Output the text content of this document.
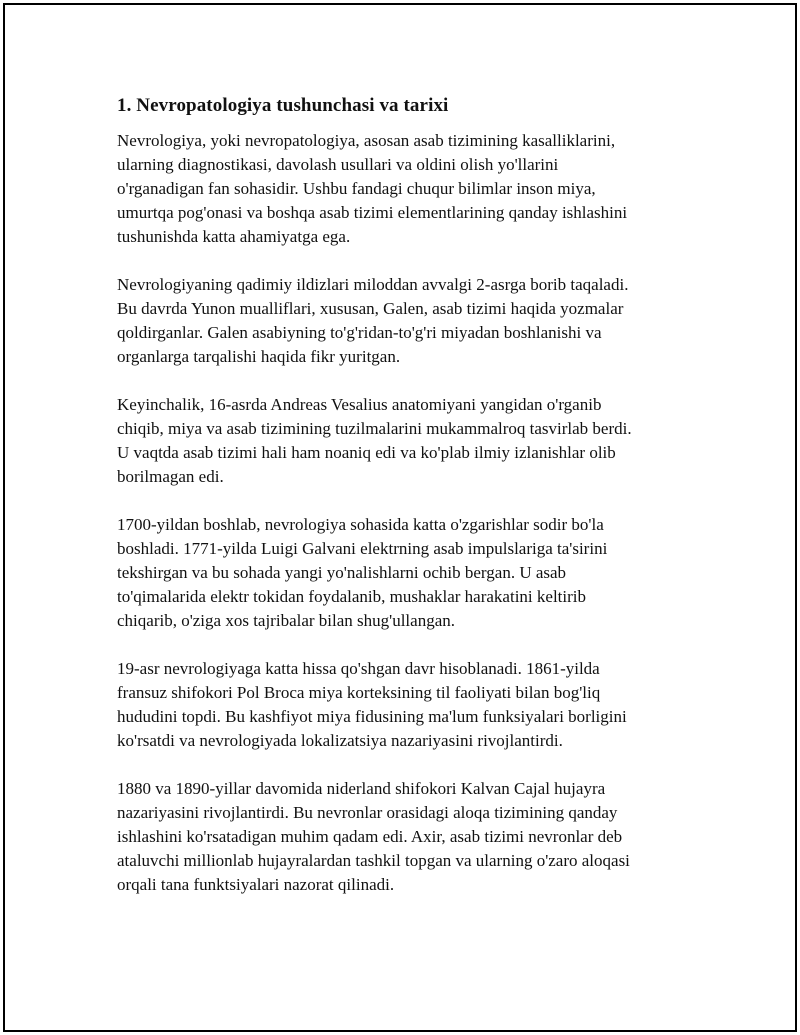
1. Nevropatologiya tushunchasi va tarixi

Nevrologiya, yoki nevropatologiya, asosan asab tizimining kasalliklarini,
ularning diagnostikasi, davolash usullari va oldini olish yo'llarini
o'rganadigan fan sohasidir. Ushbu fandagi chuqur bilimlar inson miya,
umurtqa pog'onasi va boshqa asab tizimi elementlarining qanday ishlashini
tushunishda katta ahamiyatga ega.

Nevrologiyaning qadimiy ildizlari miloddan avvalgi 2-asrga borib taqaladi.
Bu davrda Yunon mualliflari, xususan, Galen, asab tizimi haqida yozmalar
qoldirganlar. Galen asabiyning to'g'ridan-to'g'ri miyadan boshlanishi va
organlarga tarqalishi haqida fikr yuritgan.

Keyinchalik, 16-asrda Andreas Vesalius anatomiyani yangidan o'rganib
chiqib, miya va asab tizimining tuzilmalarini mukammalroq tasvirlab berdi.
U vaqtda asab tizimi hali ham noaniq edi va ko'plab ilmiy izlanishlar olib
borilmagan edi.

1700-yildan boshlab, nevrologiya sohasida katta o'zgarishlar sodir bo'la
boshladi. 1771-yilda Luigi Galvani elektrning asab impulslariga ta'sirini
tekshirgan va bu sohada yangi yo'nalishlarni ochib bergan. U asab
to'qimalarida elektr tokidan foydalanib, mushaklar harakatini keltirib
chiqarib, o'ziga xos tajribalar bilan shug'ullangan.

19-asr nevrologiyaga katta hissa qo'shgan davr hisoblanadi. 1861-yilda
fransuz shifokori Pol Broca miya korteksining til faoliyati bilan bog'liq
hududini topdi. Bu kashfiyot miya fidusining ma'lum funksiyalari borligini
ko'rsatdi va nevrologiyada lokalizatsiya nazariyasini rivojlantirdi.

1880 va 1890-yillar davomida niderland shifokori Kalvan Cajal hujayra
nazariyasini rivojlantirdi. Bu nevronlar orasidagi aloqa tizimining qanday
ishlashini ko'rsatadigan muhim qadam edi. Axir, asab tizimi nevronlar deb
ataluvchi millionlab hujayralardan tashkil topgan va ularning o'zaro aloqasi
orqali tana funktsiyalari nazorat qilinadi.
